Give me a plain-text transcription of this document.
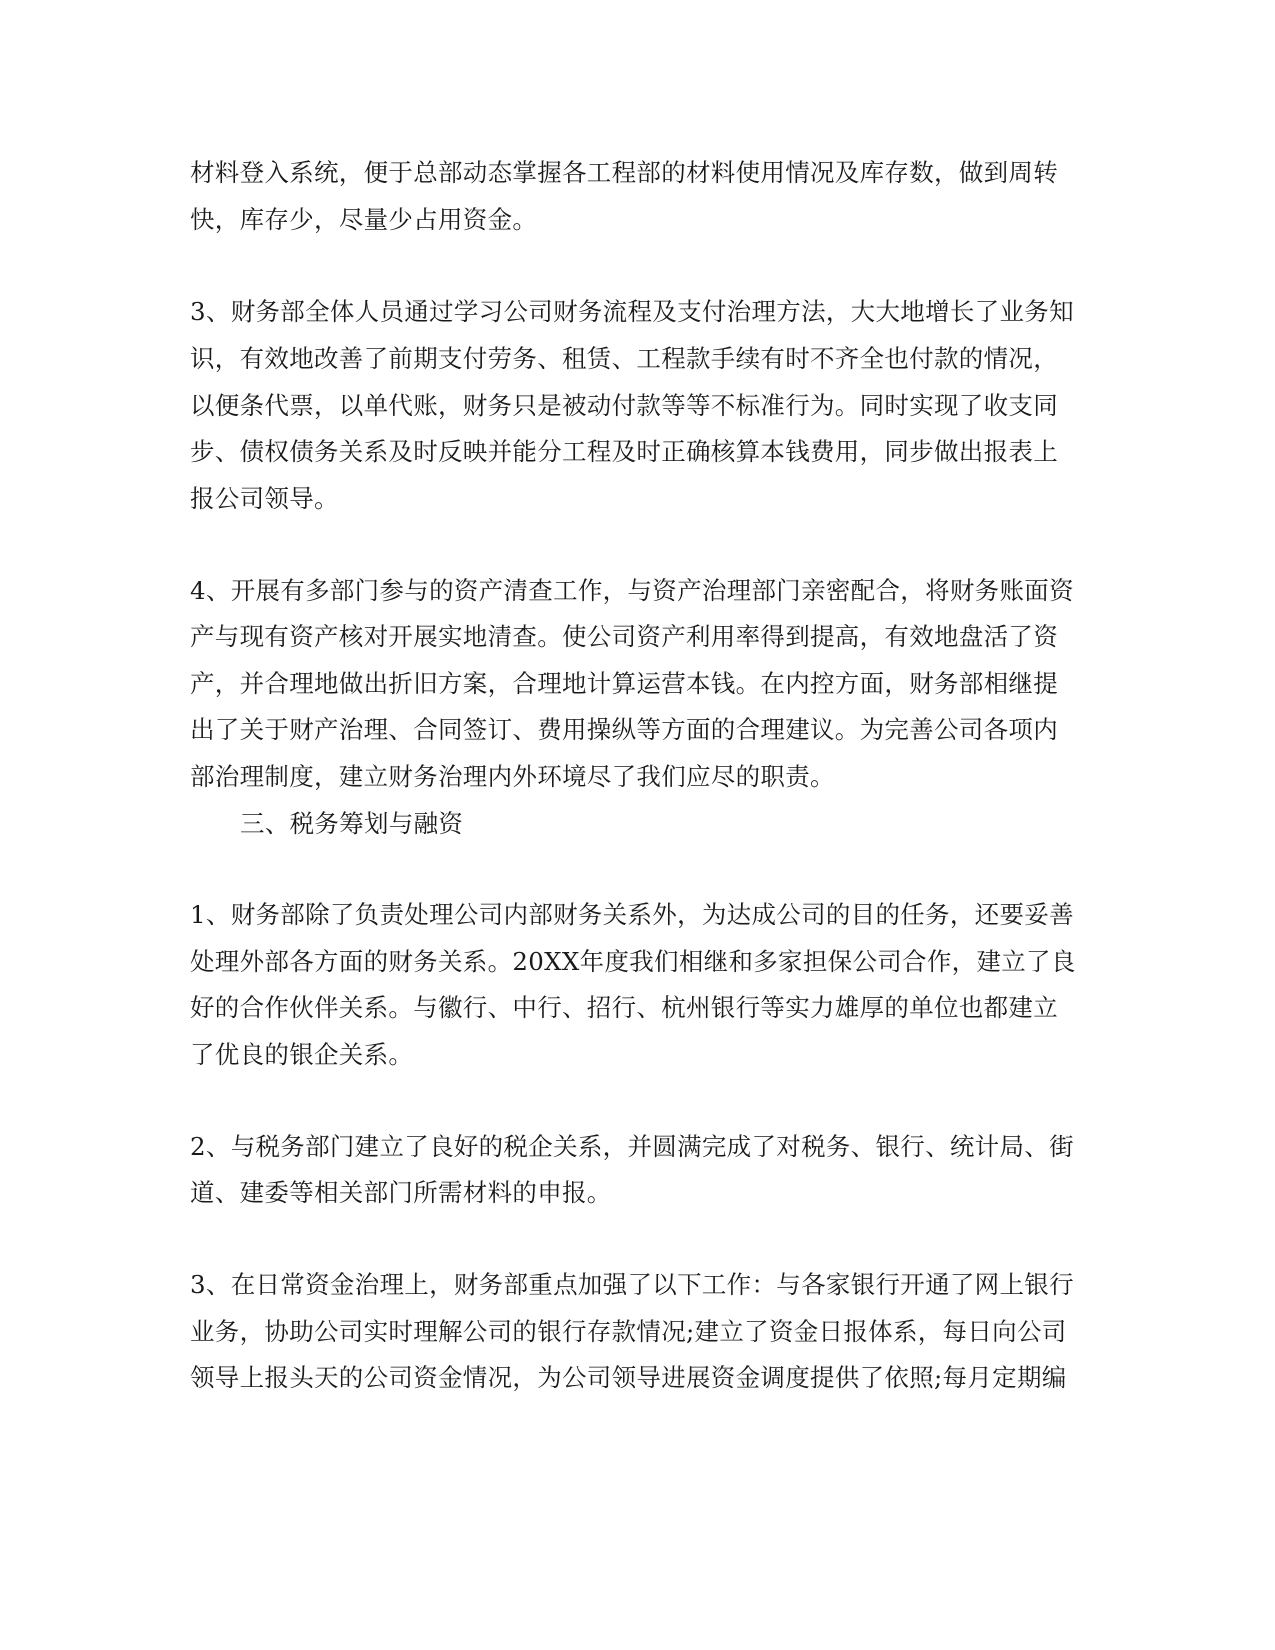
材料登入系统，便于总部动态掌握各工程部的材料使用情况及库存数，做到周转
快，库存少，尽量少占用资金。
3、财务部全体人员通过学习公司财务流程及支付治理方法，大大地增长了业务知
识，有效地改善了前期支付劳务、租赁、工程款手续有时不齐全也付款的情况，
以便条代票，以单代账，财务只是被动付款等等不标准行为。同时实现了收支同
步、债权债务关系及时反映并能分工程及时正确核算本钱费用，同步做出报表上
报公司领导。
4、开展有多部门参与的资产清查工作，与资产治理部门亲密配合，将财务账面资
产与现有资产核对开展实地清查。使公司资产利用率得到提高，有效地盘活了资
产，并合理地做出折旧方案，合理地计算运营本钱。在内控方面，财务部相继提
出了关于财产治理、合同签订、费用操纵等方面的合理建议。为完善公司各项内
部治理制度，建立财务治理内外环境尽了我们应尽的职责。
三、税务筹划与融资
1、财务部除了负责处理公司内部财务关系外，为达成公司的目的任务，还要妥善
处理外部各方面的财务关系。20XX年度我们相继和多家担保公司合作，建立了良
好的合作伙伴关系。与徽行、中行、招行、杭州银行等实力雄厚的单位也都建立
了优良的银企关系。
2、与税务部门建立了良好的税企关系，并圆满完成了对税务、银行、统计局、街
道、建委等相关部门所需材料的申报。
3、在日常资金治理上，财务部重点加强了以下工作：与各家银行开通了网上银行
业务，协助公司实时理解公司的银行存款情况;建立了资金日报体系，每日向公司
领导上报头天的公司资金情况，为公司领导进展资金调度提供了依照;每月定期编
